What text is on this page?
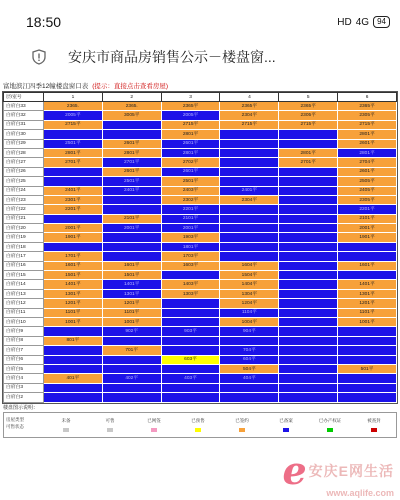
18:50	HD 4G	94
安庆市商品房销售公示－楼盘窗...
富地滨江四季12幢楼盘窗口表 (提示：直接点击查看房屋)
层\室号	1	2	3	4	5	6
白府白33	2365.	2365.	2365平	2365平	2365平	2365平
白府白32	2005平	3005平	2005平	2304平	2305平	2305平
白府白31	2715平		2715平	2715平	2715平	2715平
白府白30			2801平			2801平
白府白29	2501平	2601平	2601平			2601平
白府白28	2801平	2801平	2801平		2801平	2801平
白府白27	2701平	2701平	2702平		2701平	2704平
白府白26		2601平	2601平			2601平
白府白25		2501平	2501平			2505平
白府白24	2401平	2401平	2403平	2401平		2405平
白府白23	2301平		2302平	2304平		2305平
白府白22	2201平		2201平			2201平
白府白21		2101平	2101平			2101平
白府白20	2001平	2001平	2001平			2001平
白府白19	1901平		1903平			1901平
白府白18			1801平			
白府白17	1701平		1703平			
白府白16	1601平	1601平	1603平	1604平		1601平
白府白15	1501平	1501平		1504平		
白府白14	1401平	1401平	1403平	1404平		1401平
白府白13	1301平	1301平	1303平	1304平		1301平
白府白12	1201平	1201平		1204平		1201平
白府白11	1101平	1101平		1104平		1101平
白府白10	1001平	1001平		1004平		1001平
白府白9		902平	903平	904平		
白府白8	801平					
白府白7		701平		704平		
白府白6			603平	604平		
白府白5				504平		501平
白府白4	401平	402平	403平	404平		
白府白3						
白府白2						
楼盘图示说明：
房屋类型
可售状态
未备	可售	已网签	已预售	已签约	已备案	已办产权证	被查封
e 安庆E网生活
www.aqlife.com
